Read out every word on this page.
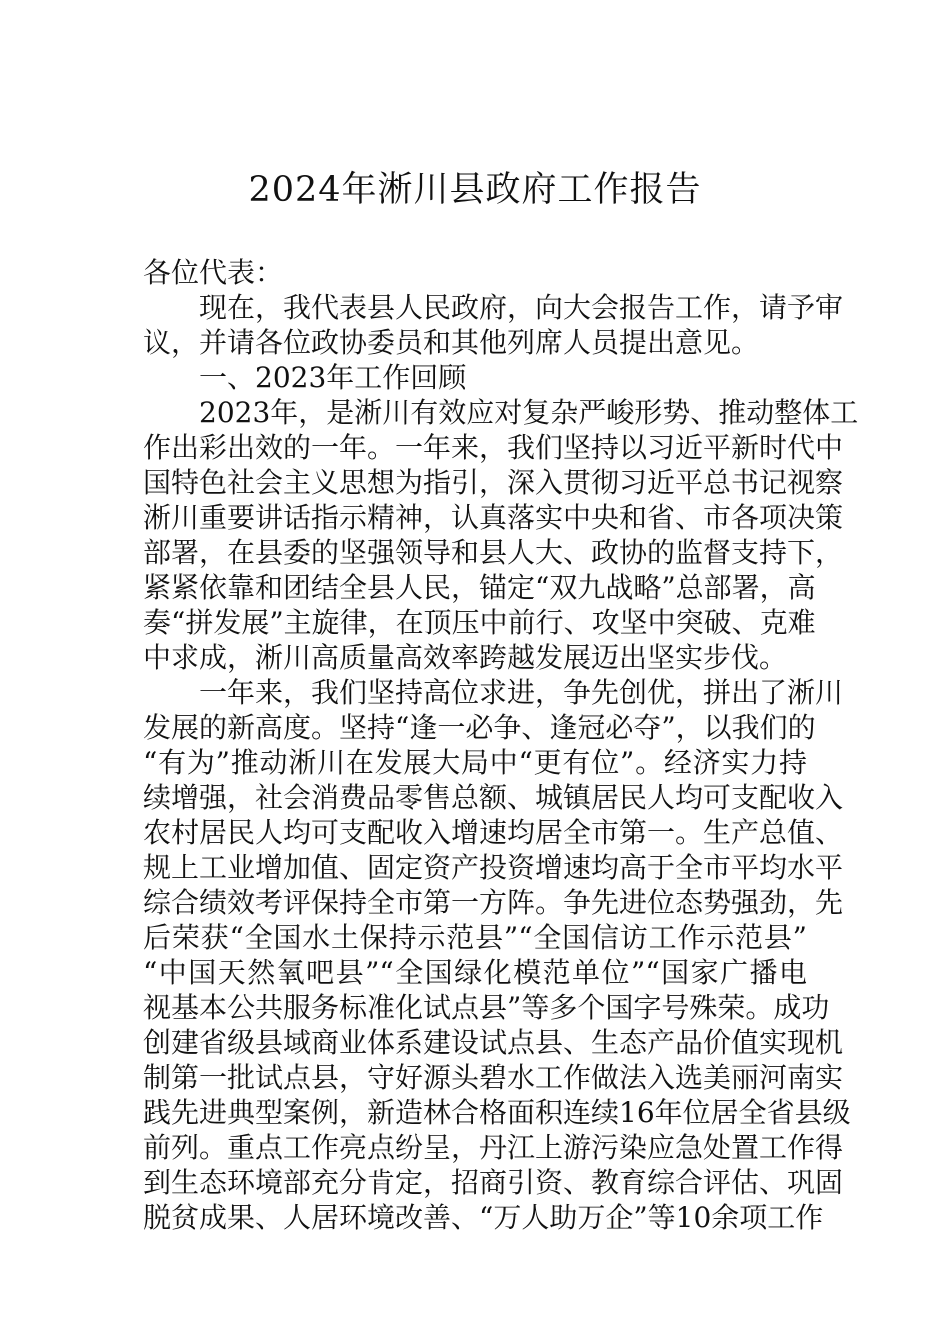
2024年淅川县政府工作报告
各位代表：
现在，我代表县人民政府，向大会报告工作，请予审
议，并请各位政协委员和其他列席人员提出意见。
一、2023年工作回顾
2023年，是淅川有效应对复杂严峻形势、推动整体工
作出彩出效的一年。一年来，我们坚持以习近平新时代中
国特色社会主义思想为指引，深入贯彻习近平总书记视察
淅川重要讲话指示精神，认真落实中央和省、市各项决策
部署，在县委的坚强领导和县人大、政协的监督支持下，
紧紧依靠和团结全县人民，锚定“双九战略”总部署，高
奏“拼发展”主旋律，在顶压中前行、攻坚中突破、克难
中求成，淅川高质量高效率跨越发展迈出坚实步伐。
一年来，我们坚持高位求进，争先创优，拼出了淅川
发展的新高度。坚持“逢一必争、逢冠必夺”，以我们的
“有为”推动淅川在发展大局中“更有位”。经济实力持
续增强，社会消费品零售总额、城镇居民人均可支配收入
农村居民人均可支配收入增速均居全市第一。生产总值、
规上工业增加值、固定资产投资增速均高于全市平均水平
综合绩效考评保持全市第一方阵。争先进位态势强劲，先
后荣获“全国水土保持示范县”“全国信访工作示范县”
“中国天然氧吧县”“全国绿化模范单位”“国家广播电
视基本公共服务标准化试点县”等多个国字号殊荣。成功
创建省级县域商业体系建设试点县、生态产品价值实现机
制第一批试点县，守好源头碧水工作做法入选美丽河南实
践先进典型案例，新造林合格面积连续16年位居全省县级
前列。重点工作亮点纷呈，丹江上游污染应急处置工作得
到生态环境部充分肯定，招商引资、教育综合评估、巩固
脱贫成果、人居环境改善、“万人助万企”等10余项工作
